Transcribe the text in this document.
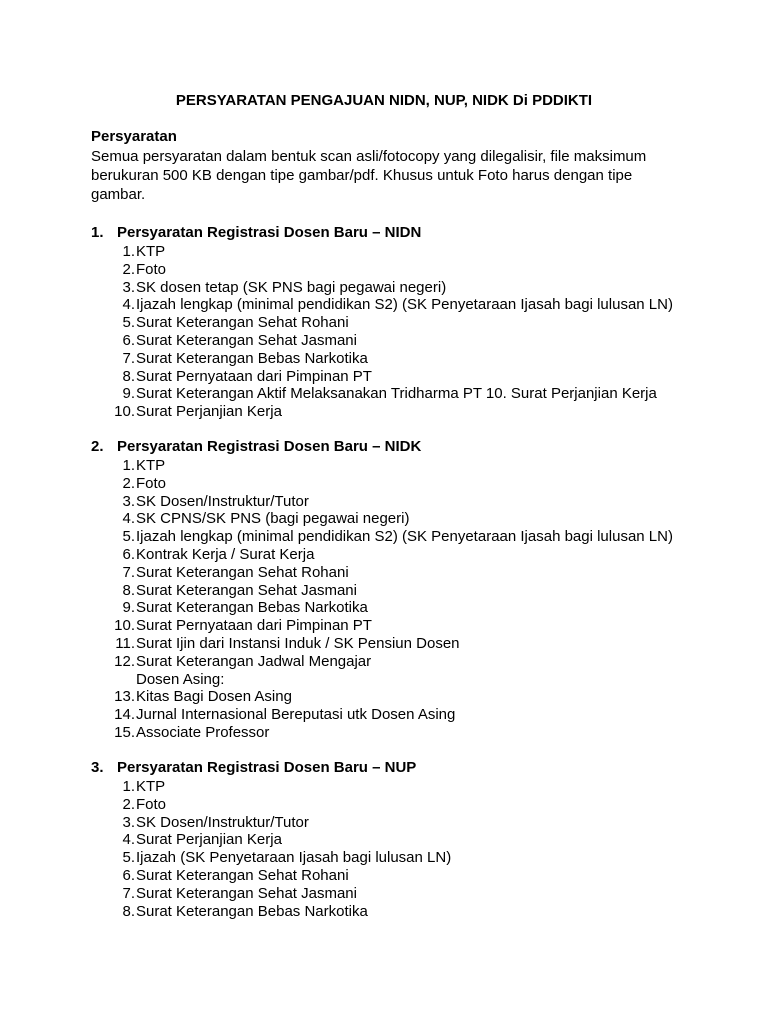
PERSYARATAN PENGAJUAN NIDN, NUP, NIDK Di PDDIKTI
Persyaratan
Semua persyaratan dalam bentuk scan asli/fotocopy yang dilegalisir, file maksimum
berukuran 500 KB dengan tipe gambar/pdf. Khusus untuk Foto harus dengan tipe
gambar.
1. Persyaratan Registrasi Dosen Baru – NIDN
1. KTP
2. Foto
3. SK dosen tetap (SK PNS bagi pegawai negeri)
4. Ijazah lengkap (minimal pendidikan S2) (SK Penyetaraan Ijasah bagi lulusan LN)
5. Surat Keterangan Sehat Rohani
6. Surat Keterangan Sehat Jasmani
7. Surat Keterangan Bebas Narkotika
8. Surat Pernyataan dari Pimpinan PT
9. Surat Keterangan Aktif Melaksanakan Tridharma PT 10. Surat Perjanjian Kerja
10. Surat Perjanjian Kerja
2. Persyaratan Registrasi Dosen Baru – NIDK
1. KTP
2. Foto
3. SK Dosen/Instruktur/Tutor
4. SK CPNS/SK PNS (bagi pegawai negeri)
5. Ijazah lengkap (minimal pendidikan S2) (SK Penyetaraan Ijasah bagi lulusan LN)
6. Kontrak Kerja / Surat Kerja
7. Surat Keterangan Sehat Rohani
8. Surat Keterangan Sehat Jasmani
9. Surat Keterangan Bebas Narkotika
10. Surat Pernyataan dari Pimpinan PT
11. Surat Ijin dari Instansi Induk / SK Pensiun Dosen
12. Surat Keterangan Jadwal Mengajar
Dosen Asing:
13. Kitas Bagi Dosen Asing
14. Jurnal Internasional Bereputasi utk Dosen Asing
15. Associate Professor
3. Persyaratan Registrasi Dosen Baru – NUP
1. KTP
2. Foto
3. SK Dosen/Instruktur/Tutor
4. Surat Perjanjian Kerja
5. Ijazah (SK Penyetaraan Ijasah bagi lulusan LN)
6. Surat Keterangan Sehat Rohani
7. Surat Keterangan Sehat Jasmani
8. Surat Keterangan Bebas Narkotika
